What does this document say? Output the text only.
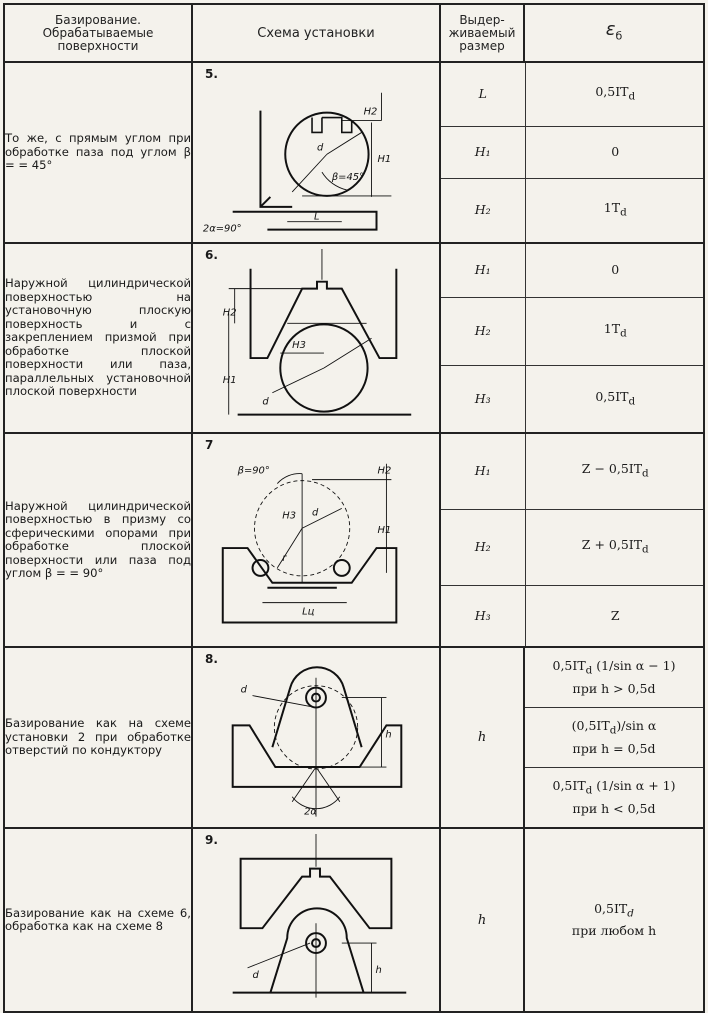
Базирование.
Обрабатываемые
поверхности	Схема установки	Выдер-
живаемый
размер	$\varepsilon_б$
То же, с прямым углом при обработке паза под углом β = = 45°	
5.
H2
d
β=45°
H1
2α=90°
L

L	$0,5IT_d$
H₁	0
H₂	$1T_d$

Наружной цилиндрической поверхностью на установочную плоскую поверхность и с закреплением призмой при обработке плоской поверхности или паза, параллельных установочной плоской поверхности	
6.
H2
H3
H1
d

H₁	0
H₂	$1T_d$
H₃	$0,5IT_d$

Наружной цилиндрической поверхностью в призму со сферическими опорами при обработке плоской поверхности или паза под углом β = = 90°	
7
β=90°	H2
H3 d
r
H1
Lц

H₁	$Z - 0,5IT_d$
H₂	$Z + 0,5IT_d$
H₃	Z

Базирование как на схеме установки 2 при обработке отверстий по кондуктору	
8.
d
h
2α
	h	
$0,5IT_d$ (1/sin α − 1)
при h > 0,5d

$(0,5IT_d)/\sin$ α
при h = 0,5d

$0,5IT_d$ (1/sin α + 1)
при h < 0,5d

Базирование как на схеме 6, обработка как на схеме 8	
9.
d	h
	h	
$0,5IT_d$
при любом h
